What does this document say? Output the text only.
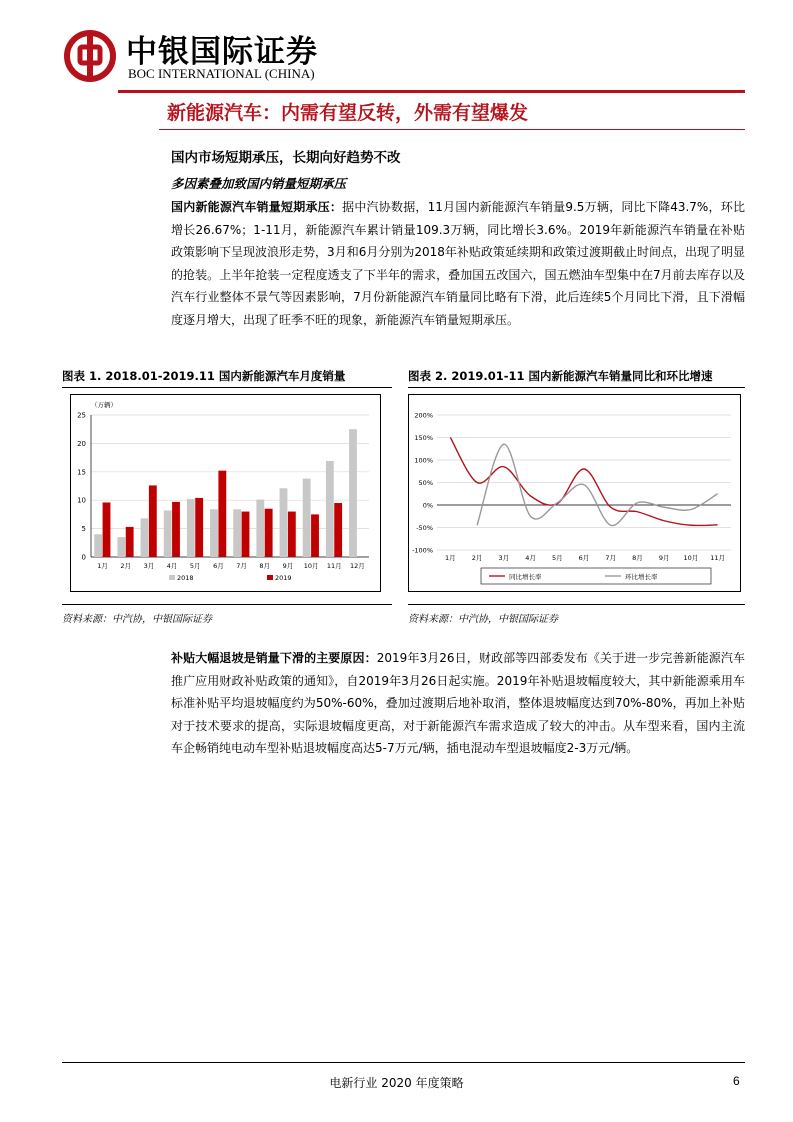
中银国际证券
BOC INTERNATIONAL (CHINA)
新能源汽车：内需有望反转，外需有望爆发
国内市场短期承压，长期向好趋势不改
多因素叠加致国内销量短期承压
国内新能源汽车销量短期承压：据中汽协数据，11月国内新能源汽车销量9.5万辆，同比下降43.7%，环比增长26.67%；1-11月，新能源汽车累计销量109.3万辆，同比增长3.6%。2019年新能源汽车销量在补贴政策影响下呈现波浪形走势，3月和6月分别为2018年补贴政策延续期和政策过渡期截止时间点，出现了明显的抢装。上半年抢装一定程度透支了下半年的需求，叠加国五改国六，国五燃油车型集中在7月前去库存以及汽车行业整体不景气等因素影响，7月份新能源汽车销量同比略有下滑，此后连续5个月同比下滑，且下滑幅度逐月增大，出现了旺季不旺的现象，新能源汽车销量短期承压。
图表 1. 2018.01-2019.11 国内新能源汽车月度销量
（万辆）
0
5
10
15
20
25
1月 2月 3月 4月 5月 6月 7月 8月 9月 10月 11月 12月
2018	2019
资料来源：中汽协，中银国际证券
图表 2. 2019.01-11 国内新能源汽车销量同比和环比增速
200%
150%
100%
50%
0%
-50%
-100%
1月 2月 3月 4月 5月 6月 7月 8月 9月 10月 11月
同比增长率	环比增长率
资料来源：中汽协，中银国际证券
补贴大幅退坡是销量下滑的主要原因：2019年3月26日，财政部等四部委发布《关于进一步完善新能源汽车推广应用财政补贴政策的通知》，自2019年3月26日起实施。2019年补贴退坡幅度较大，其中新能源乘用车标准补贴平均退坡幅度约为50%-60%，叠加过渡期后地补取消，整体退坡幅度达到70%-80%，再加上补贴对于技术要求的提高，实际退坡幅度更高，对于新能源汽车需求造成了较大的冲击。从车型来看，国内主流车企畅销纯电动车型补贴退坡幅度高达5-7万元/辆，插电混动车型退坡幅度2-3万元/辆。
电新行业 2020 年度策略	6
